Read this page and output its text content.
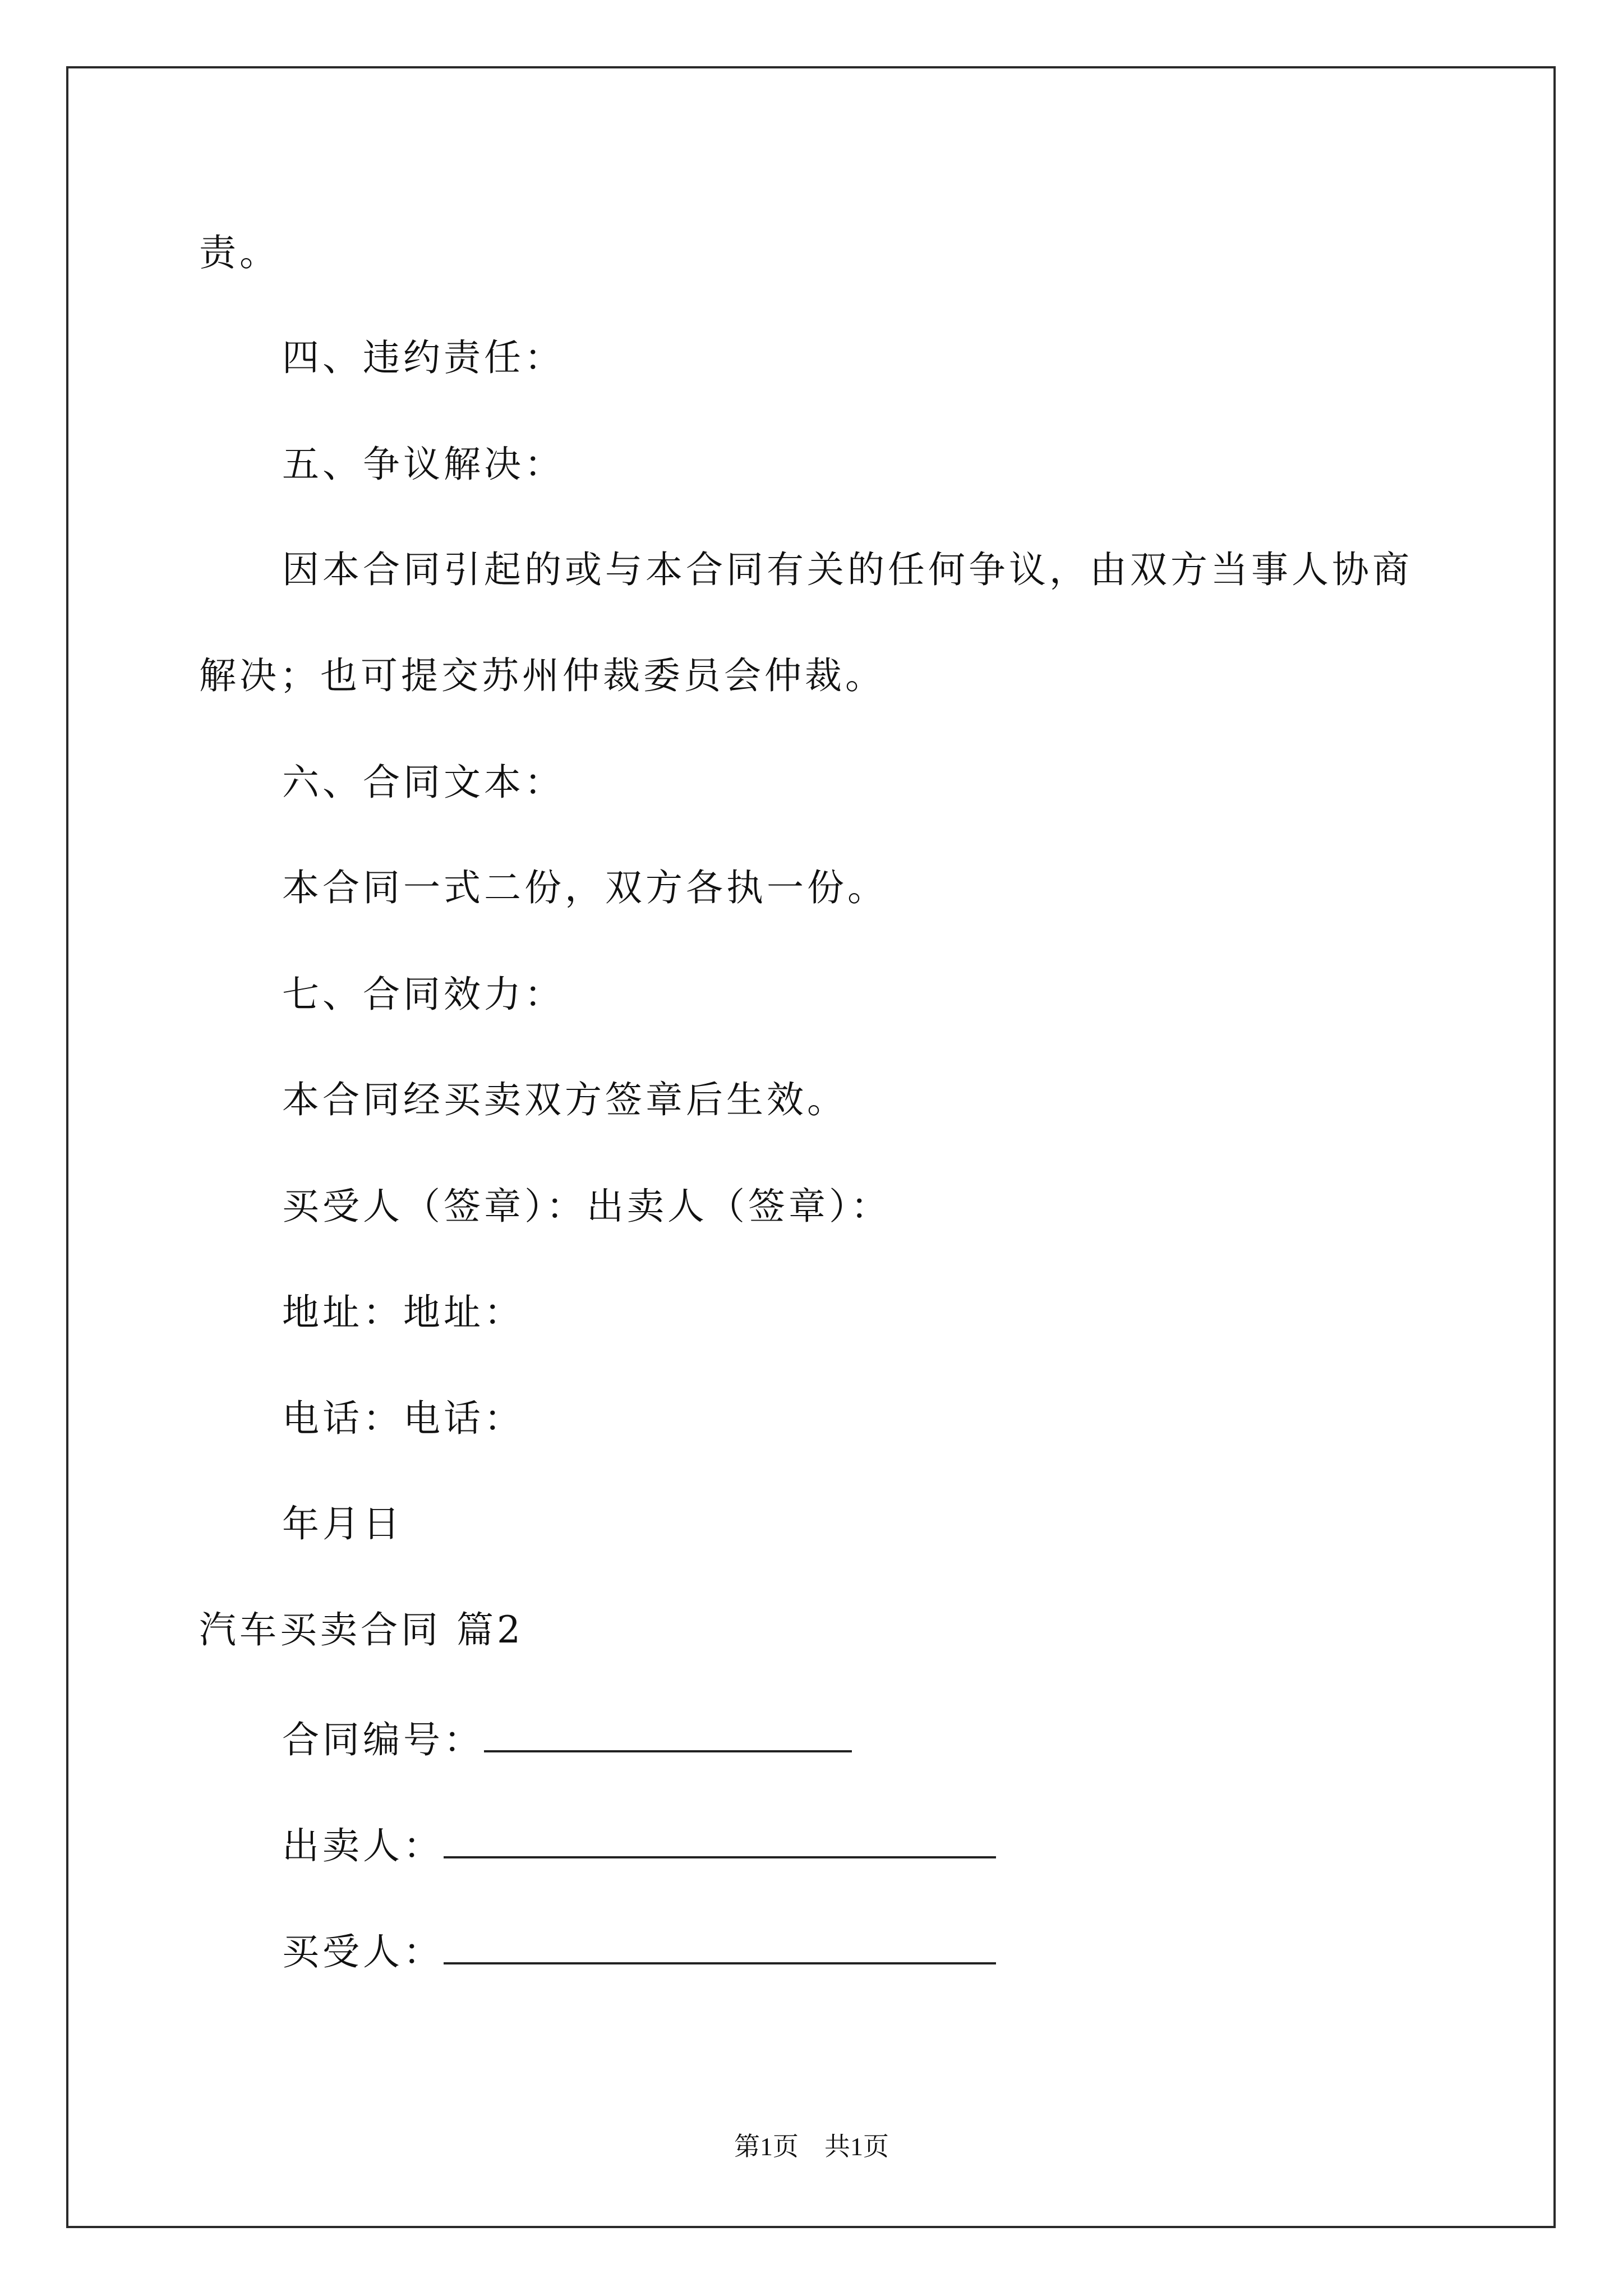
责。
四、违约责任：
五、争议解决：
因本合同引起的或与本合同有关的任何争议，由双方当事人协商
解决；也可提交苏州仲裁委员会仲裁。
六、合同文本：
本合同一式二份，双方各执一份。
七、合同效力：
本合同经买卖双方签章后生效。
买受人（签章）：出卖人（签章）：
地址：地址：
电话：电话：
年月日
汽车买卖合同 篇2
合同编号：
出卖人：
买受人：
第1页 共1页
